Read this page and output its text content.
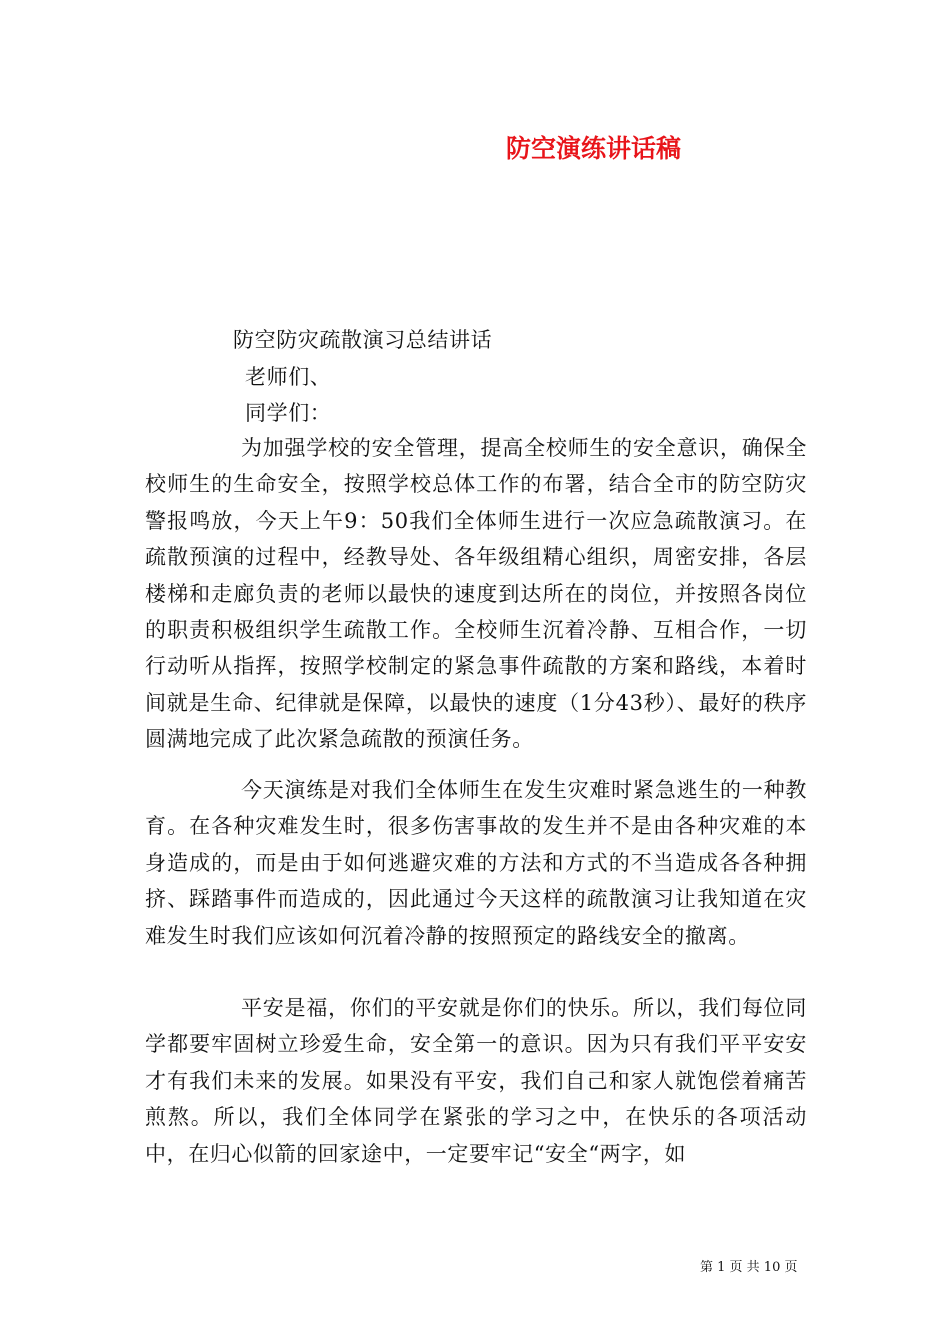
防空演练讲话稿
防空防灾疏散演习总结讲话
老师们、
同学们：
为加强学校的安全管理，提高全校师生的安全意识，确保全校师生的生命安全，按照学校总体工作的布署，结合全市的防空防灾警报鸣放，今天上午9：50我们全体师生进行一次应急疏散演习。在疏散预演的过程中，经教导处、各年级组精心组织，周密安排，各层楼梯和走廊负责的老师以最快的速度到达所在的岗位，并按照各岗位的职责积极组织学生疏散工作。全校师生沉着冷静、互相合作，一切行动听从指挥，按照学校制定的紧急事件疏散的方案和路线，本着时间就是生命、纪律就是保障，以最快的速度（1分43秒）、最好的秩序圆满地完成了此次紧急疏散的预演任务。
今天演练是对我们全体师生在发生灾难时紧急逃生的一种教育。在各种灾难发生时，很多伤害事故的发生并不是由各种灾难的本身造成的，而是由于如何逃避灾难的方法和方式的不当造成各各种拥挤、踩踏事件而造成的，因此通过今天这样的疏散演习让我知道在灾难发生时我们应该如何沉着冷静的按照预定的路线安全的撤离。
平安是福，你们的平安就是你们的快乐。所以，我们每位同学都要牢固树立珍爱生命，安全第一的意识。因为只有我们平平安安才有我们未来的发展。如果没有平安，我们自己和家人就饱偿着痛苦煎熬。所以，我们全体同学在紧张的学习之中，在快乐的各项活动中，在归心似箭的回家途中，一定要牢记“安全“两字，如
第 1 页 共 10 页
